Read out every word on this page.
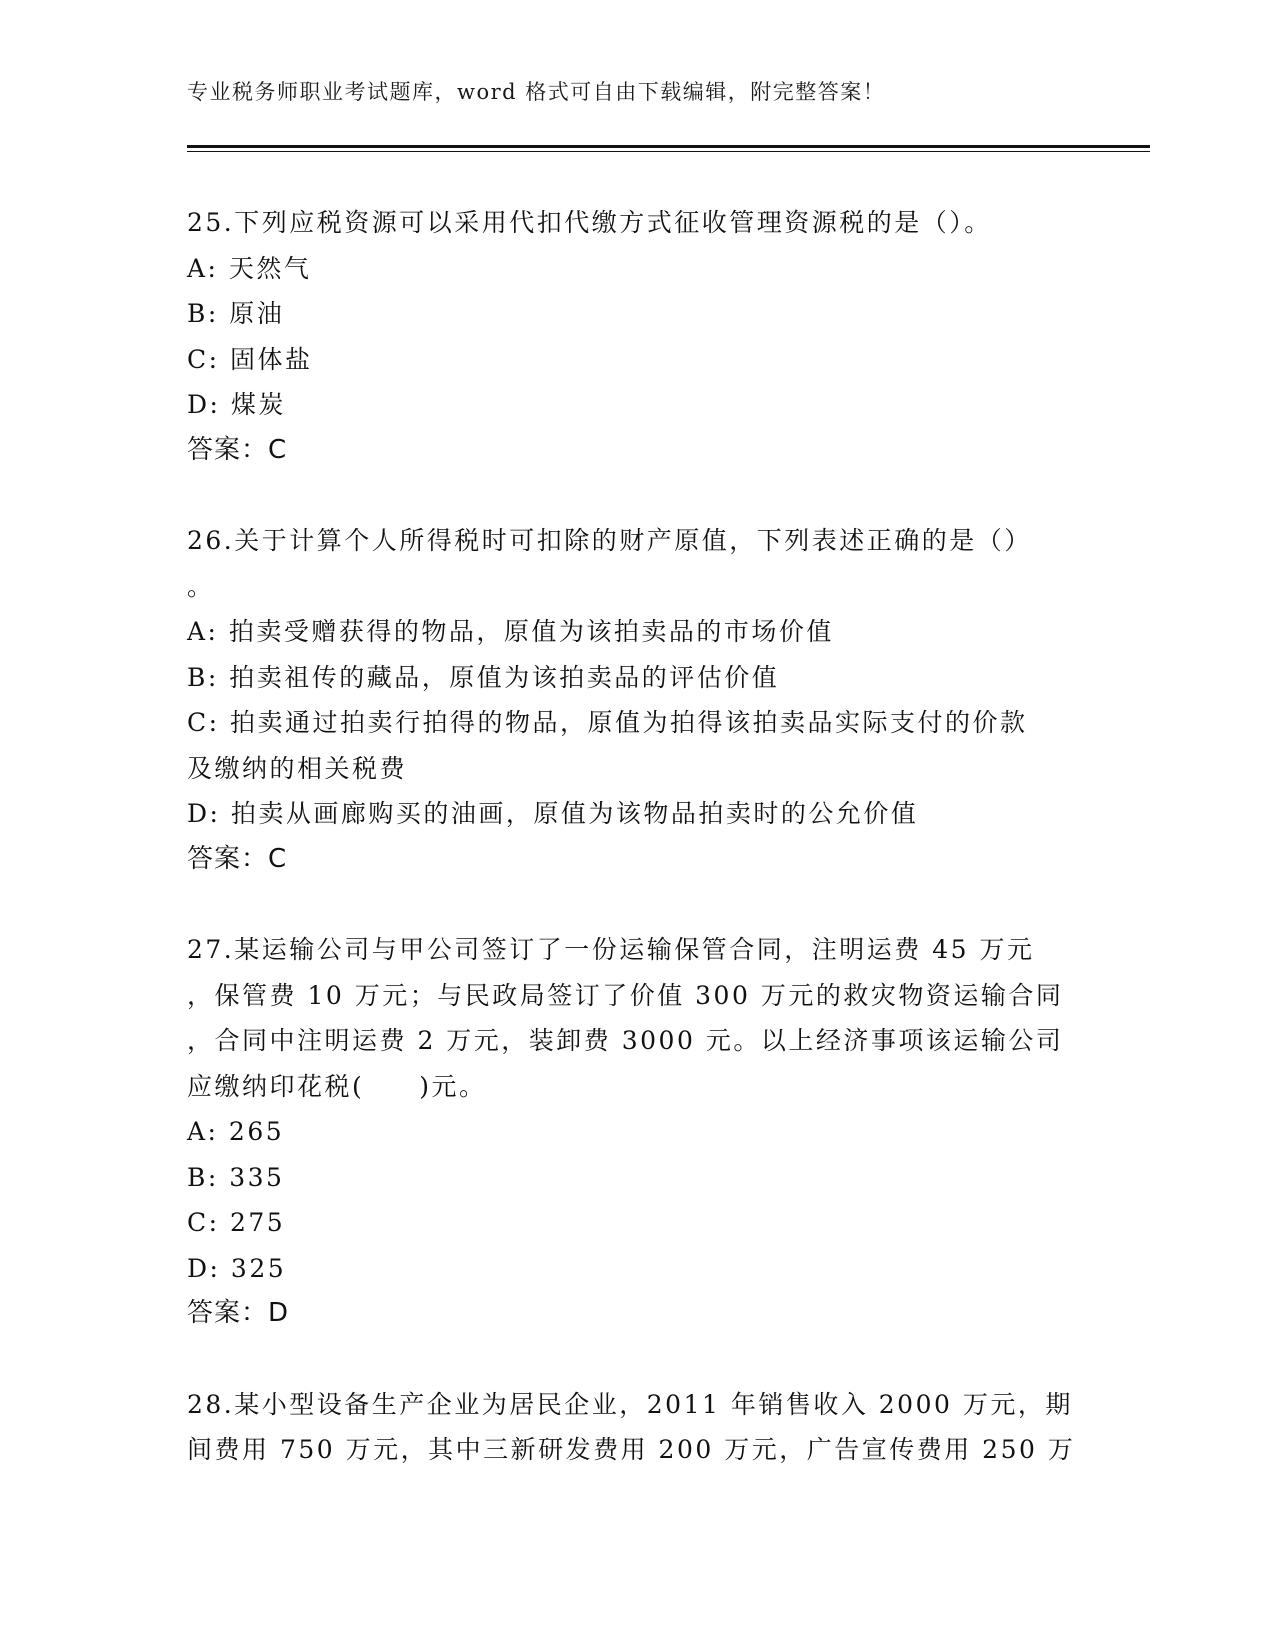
专业税务师职业考试题库，word 格式可自由下载编辑，附完整答案！

25.下列应税资源可以采用代扣代缴方式征收管理资源税的是（）。

A: 天然气

B: 原油

C: 固体盐

D: 煤炭

答案：C

26.关于计算个人所得税时可扣除的财产原值，下列表述正确的是（）

。

A: 拍卖受赠获得的物品，原值为该拍卖品的市场价值

B: 拍卖祖传的藏品，原值为该拍卖品的评估价值

C: 拍卖通过拍卖行拍得的物品，原值为拍得该拍卖品实际支付的价款

及缴纳的相关税费

D: 拍卖从画廊购买的油画，原值为该物品拍卖时的公允价值

答案：C

27.某运输公司与甲公司签订了一份运输保管合同，注明运费 45 万元

，保管费 10 万元；与民政局签订了价值 300 万元的救灾物资运输合同

，合同中注明运费 2 万元，装卸费 3000 元。以上经济事项该运输公司

应缴纳印花税(　　)元。

A: 265

B: 335

C: 275

D: 325

答案：D

28.某小型设备生产企业为居民企业，2011 年销售收入 2000 万元，期

间费用 750 万元，其中三新研发费用 200 万元，广告宣传费用 250 万
